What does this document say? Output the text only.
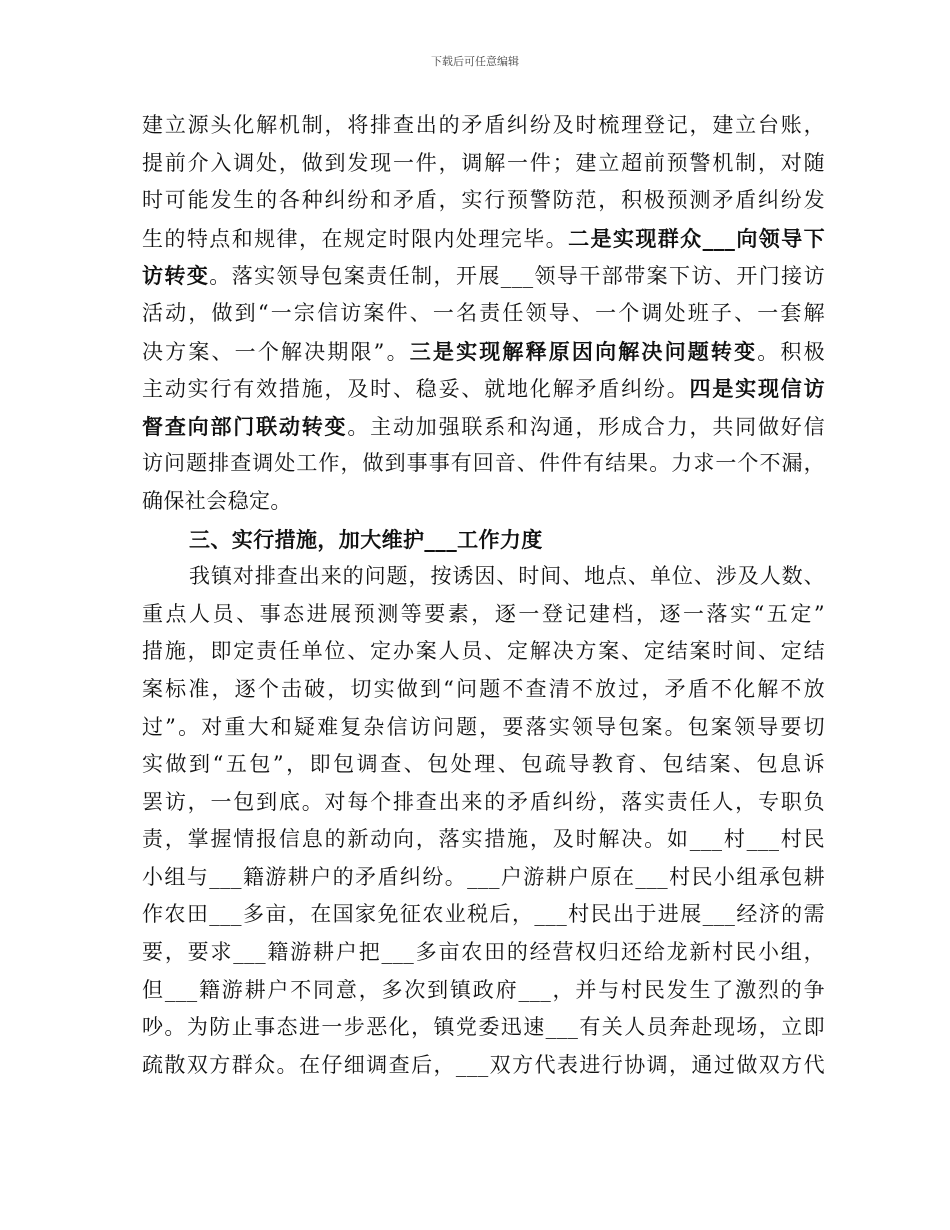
下载后可任意编辑
建立源头化解机制，将排查出的矛盾纠纷及时梳理登记，建立台账，
提前介入调处，做到发现一件，调解一件；建立超前预警机制，对随
时可能发生的各种纠纷和矛盾，实行预警防范，积极预测矛盾纠纷发
生的特点和规律，在规定时限内处理完毕。二是实现群众___向领导下
访转变。落实领导包案责任制，开展___领导干部带案下访、开门接访
活动，做到“一宗信访案件、一名责任领导、一个调处班子、一套解
决方案、一个解决期限”。三是实现解释原因向解决问题转变。积极
主动实行有效措施，及时、稳妥、就地化解矛盾纠纷。四是实现信访
督查向部门联动转变。主动加强联系和沟通，形成合力，共同做好信
访问题排查调处工作，做到事事有回音、件件有结果。力求一个不漏，
确保社会稳定。
三、实行措施，加大维护___工作力度
我镇对排查出来的问题，按诱因、时间、地点、单位、涉及人数、
重点人员、事态进展预测等要素，逐一登记建档，逐一落实“五定”
措施，即定责任单位、定办案人员、定解决方案、定结案时间、定结
案标准，逐个击破，切实做到“问题不查清不放过，矛盾不化解不放
过”。对重大和疑难复杂信访问题，要落实领导包案。包案领导要切
实做到“五包”，即包调查、包处理、包疏导教育、包结案、包息诉
罢访，一包到底。对每个排查出来的矛盾纠纷，落实责任人，专职负
责，掌握情报信息的新动向，落实措施，及时解决。如___村___村民
小组与___籍游耕户的矛盾纠纷。___户游耕户原在___村民小组承包耕
作农田___多亩，在国家免征农业税后，___村民出于进展___经济的需
要，要求___籍游耕户把___多亩农田的经营权归还给龙新村民小组，
但___籍游耕户不同意，多次到镇政府___，并与村民发生了激烈的争
吵。为防止事态进一步恶化，镇党委迅速___有关人员奔赴现场，立即
疏散双方群众。在仔细调查后，___双方代表进行协调，通过做双方代
